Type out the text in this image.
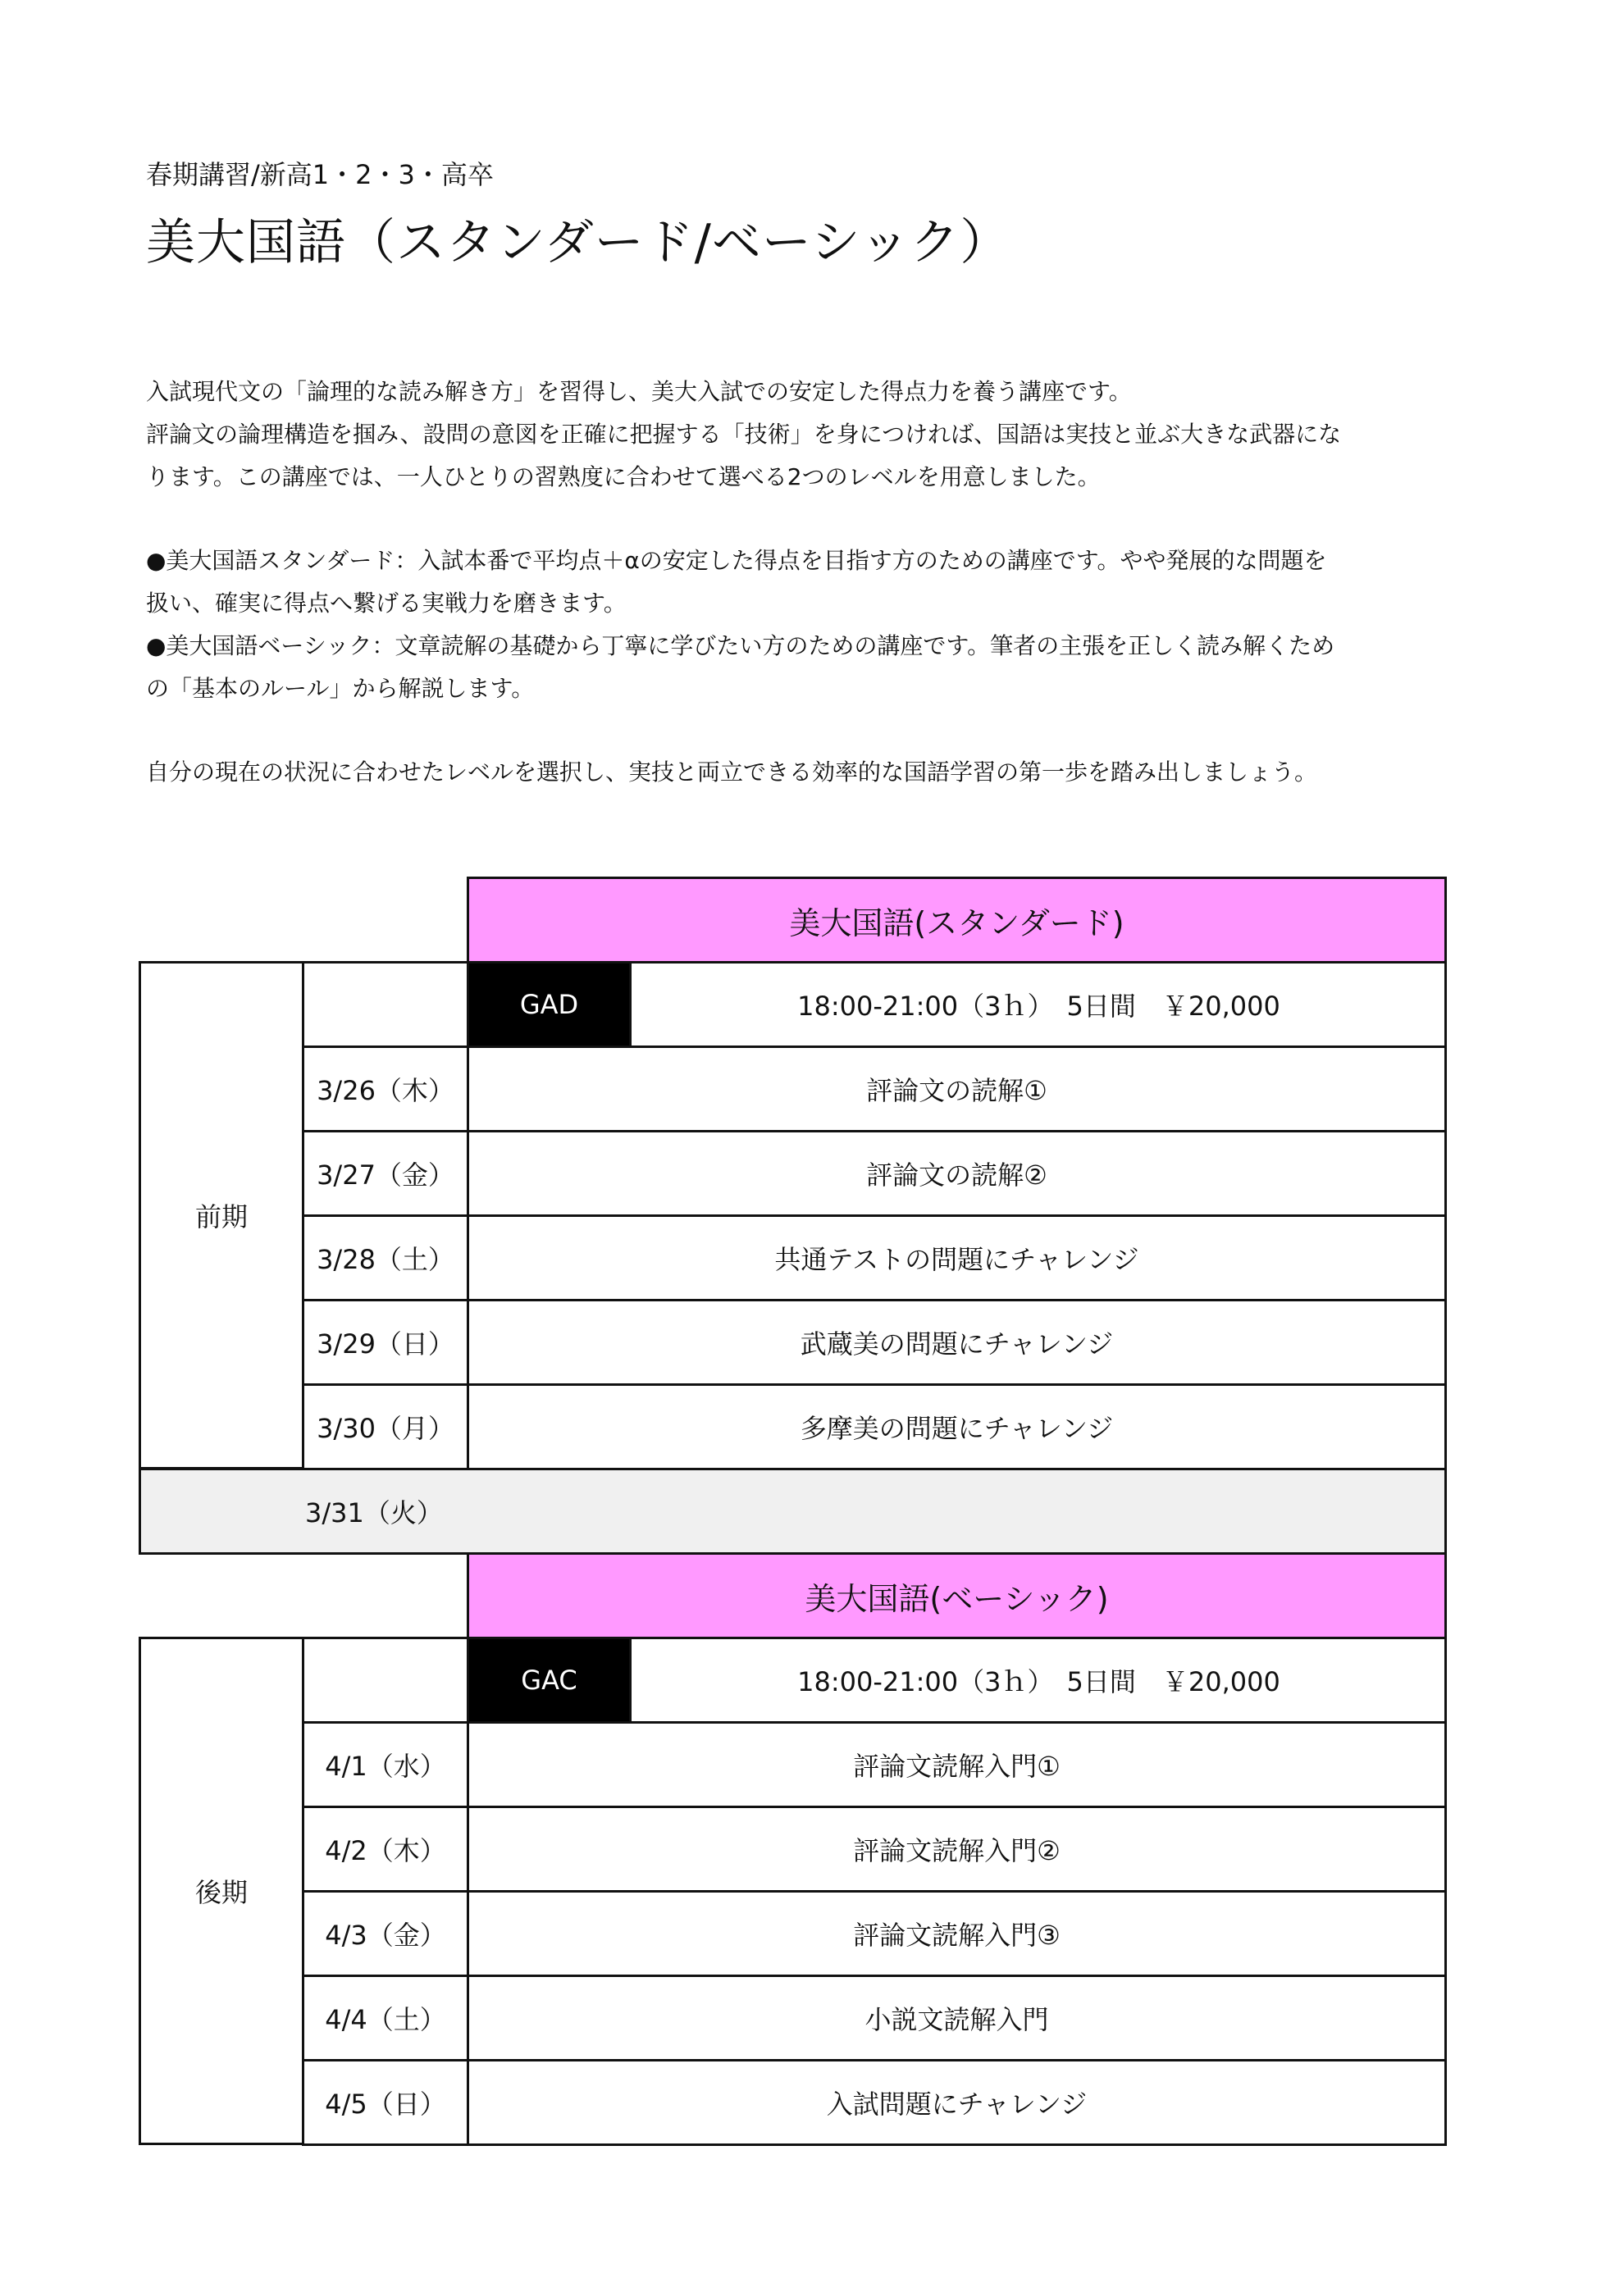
春期講習/新高1・2・3・高卒
美大国語（スタンダード/ベーシック）

入試現代文の「論理的な読み解き方」を習得し、美大入試での安定した得点力を養う講座です。

評論文の論理構造を掴み、設問の意図を正確に把握する「技術」を身につければ、国語は実技と並ぶ大きな武器にな

ります。この講座では、一人ひとりの習熟度に合わせて選べる2つのレベルを用意しました。

●美大国語スタンダード：入試本番で平均点＋αの安定した得点を目指す方のための講座です。やや発展的な問題を

扱い、確実に得点へ繋げる実戦力を磨きます。

●美大国語ベーシック：文章読解の基礎から丁寧に学びたい方のための講座です。筆者の主張を正しく読み解くため

の「基本のルール」から解説します。

自分の現在の状況に合わせたレベルを選択し、実技と両立できる効率的な国語学習の第一歩を踏み出しましょう。

美大国語(スタンダード)
前期
GAD	18:00-21:00（3ｈ）　5日間　￥20,000
3/26（木）	評論文の読解①
3/27（金）	評論文の読解②
3/28（土）	共通テストの問題にチャレンジ
3/29（日）	武蔵美の問題にチャレンジ
3/30（月）	多摩美の問題にチャレンジ
3/31（火）
美大国語(ベーシック)
後期
GAC	18:00-21:00（3ｈ）　5日間　￥20,000
4/1（水）	評論文読解入門①
4/2（木）	評論文読解入門②
4/3（金）	評論文読解入門③
4/4（土）	小説文読解入門
4/5（日）	入試問題にチャレンジ
